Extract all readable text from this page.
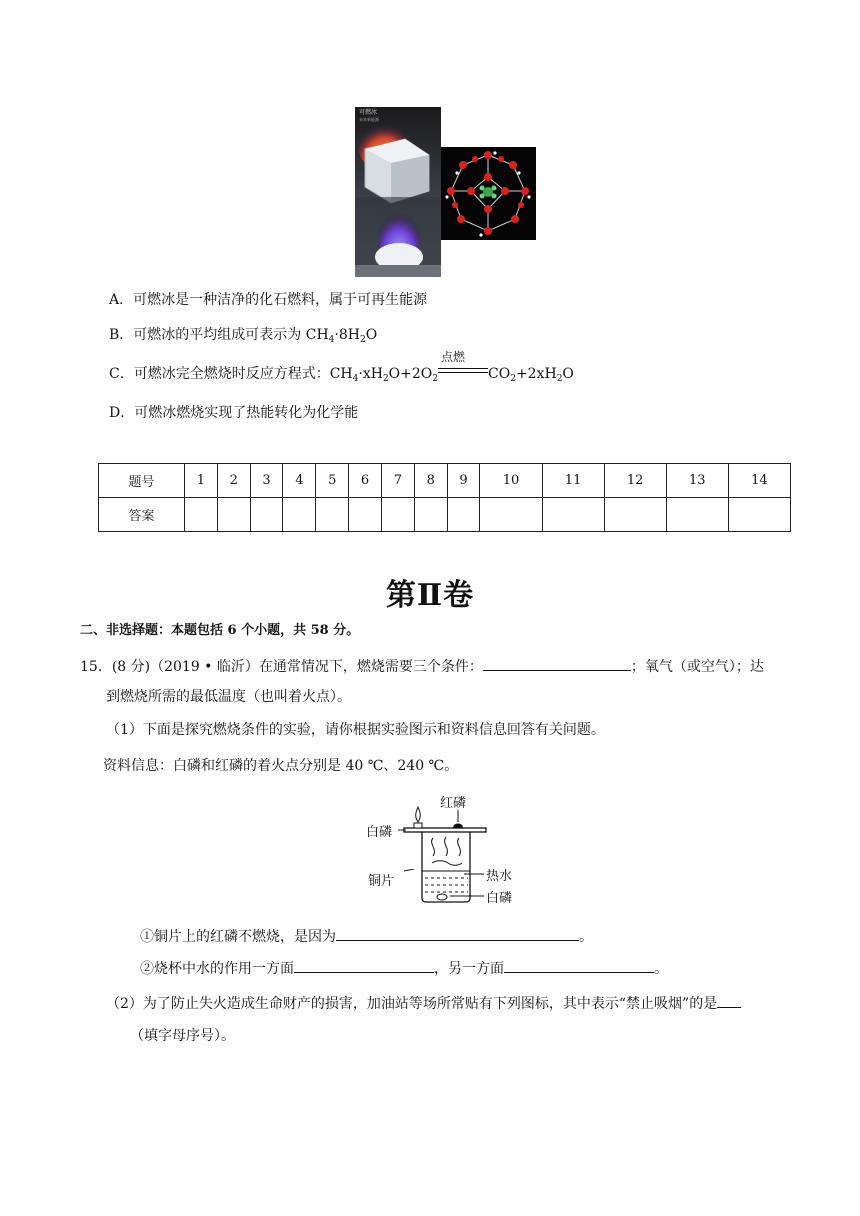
可燃冰
未来新能源
A．可燃冰是一种洁净的化石燃料，属于可再生能源
B．可燃冰的平均组成可表示为 $CH_4\cdot 8H_2O$
C．可燃冰完全燃烧时反应方程式：$CH_4\cdot xH_2O+2O_2$
点燃
$CO_2+2xH_2O$
D．可燃冰燃烧实现了热能转化为化学能
题号	1	2	3	4	5	6	7	8	9	10	11	12	13	14
答案														
第Ⅱ卷
二、非选择题：本题包括 6 个小题，共 58 分。
15．(8 分)（2019 • 临沂）在通常情况下，燃烧需要三个条件：	；氧气（或空气）；达
到燃烧所需的最低温度（也叫着火点）。
（1）下面是探究燃烧条件的实验，请你根据实验图示和资料信息回答有关问题。
资料信息：白磷和红磷的着火点分别是 40 ℃、240 ℃。
红磷
白磷
铜片	热水
白磷
①铜片上的红磷不燃烧，是因为	。
②烧杯中水的作用一方面	，另一方面	。
（2）为了防止失火造成生命财产的损害，加油站等场所常贴有下列图标，其中表示“禁止吸烟”的是
（填字母序号）。
